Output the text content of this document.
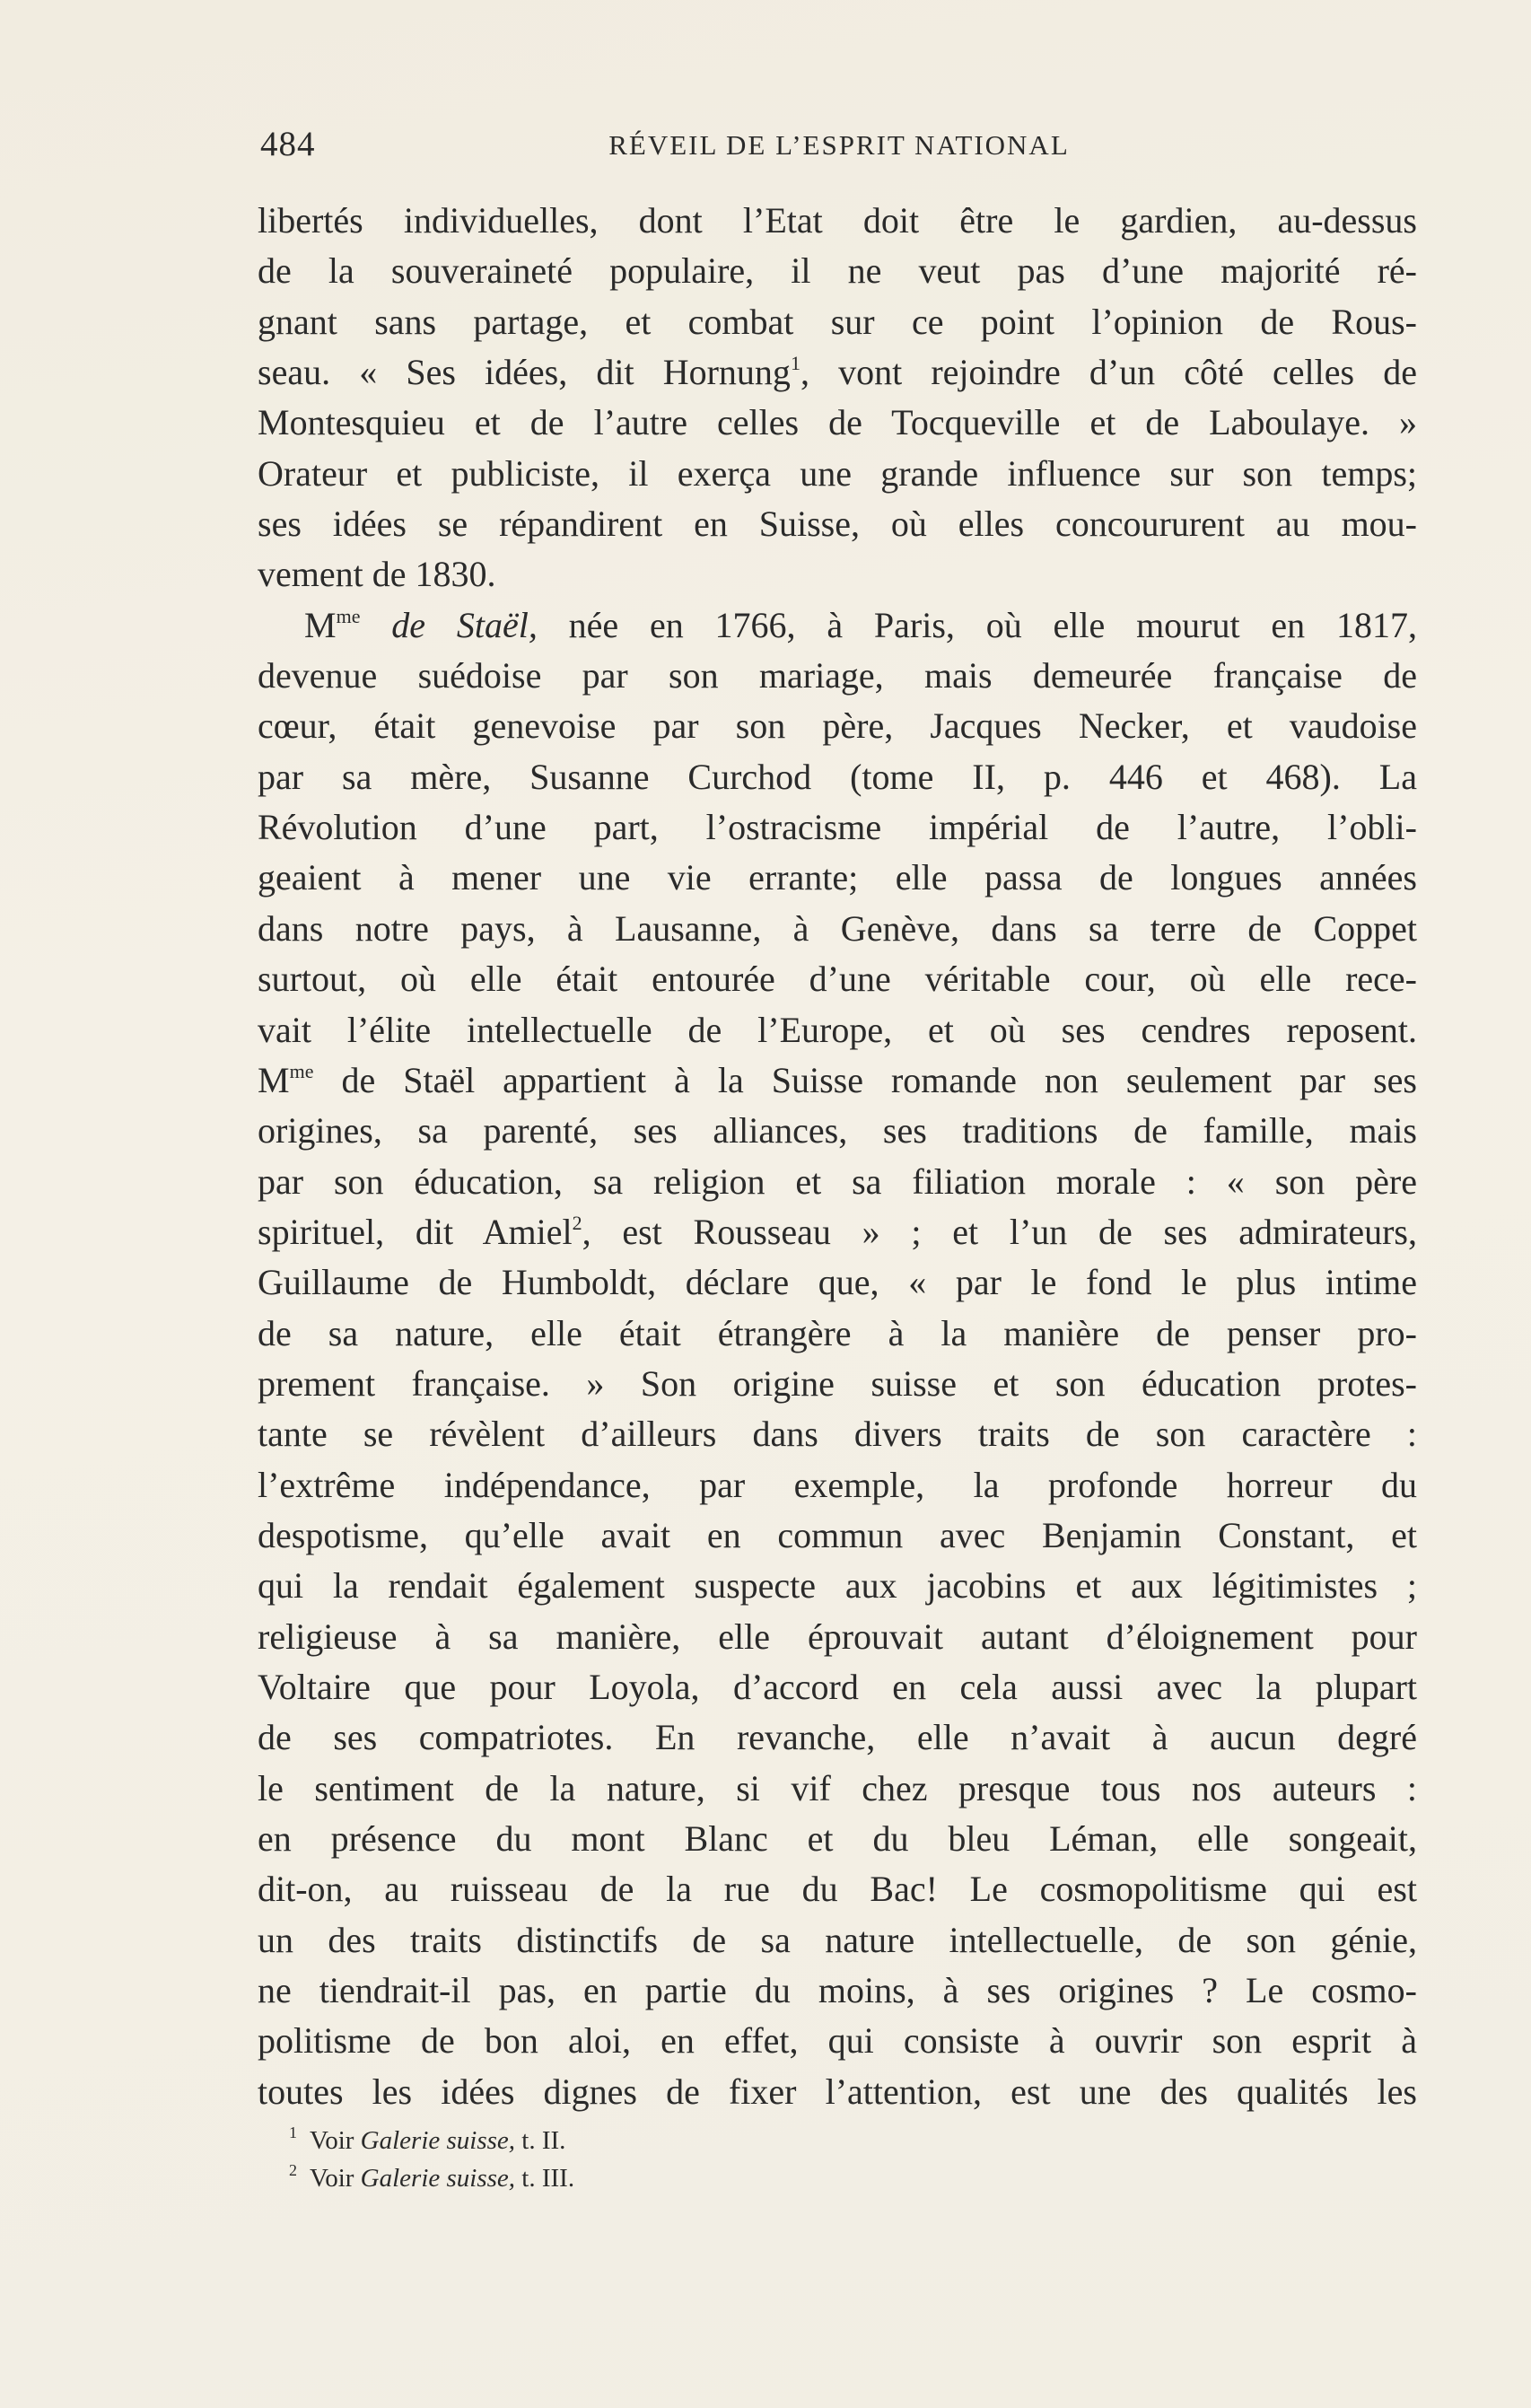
484	RÉVEIL DE L’ESPRIT NATIONAL
libertés individuelles, dont l’Etat doit être le gardien, au-dessus
de la souveraineté populaire, il ne veut pas d’une majorité ré-
gnant sans partage, et combat sur ce point l’opinion de Rous-
seau. « Ses idées, dit Hornung$^1$, vont rejoindre d’un côté celles de
Montesquieu et de l’autre celles de Tocqueville et de Laboulaye. »
Orateur et publiciste, il exerça une grande influence sur son temps;
ses idées se répandirent en Suisse, où elles concoururent au mou-
vement de 1830.
$M^{me}$ de Staël, née en 1766, à Paris, où elle mourut en 1817,
devenue suédoise par son mariage, mais demeurée française de
cœur, était genevoise par son père, Jacques Necker, et vaudoise
par sa mère, Susanne Curchod (tome II, p. 446 et 468). La
Révolution d’une part, l’ostracisme impérial de l’autre, l’obli-
geaient à mener une vie errante; elle passa de longues années
dans notre pays, à Lausanne, à Genève, dans sa terre de Coppet
surtout, où elle était entourée d’une véritable cour, où elle rece-
vait l’élite intellectuelle de l’Europe, et où ses cendres reposent.
$M^{me}$ de Staël appartient à la Suisse romande non seulement par ses
origines, sa parenté, ses alliances, ses traditions de famille, mais
par son éducation, sa religion et sa filiation morale : « son père
spirituel, dit Amiel$^2$, est Rousseau » ; et l’un de ses admirateurs,
Guillaume de Humboldt, déclare que, « par le fond le plus intime
de sa nature, elle était étrangère à la manière de penser pro-
prement française. » Son origine suisse et son éducation protes-
tante se révèlent d’ailleurs dans divers traits de son caractère :
l’extrême indépendance, par exemple, la profonde horreur du
despotisme, qu’elle avait en commun avec Benjamin Constant, et
qui la rendait également suspecte aux jacobins et aux légitimistes ;
religieuse à sa manière, elle éprouvait autant d’éloignement pour
Voltaire que pour Loyola, d’accord en cela aussi avec la plupart
de ses compatriotes. En revanche, elle n’avait à aucun degré
le sentiment de la nature, si vif chez presque tous nos auteurs :
en présence du mont Blanc et du bleu Léman, elle songeait,
dit-on, au ruisseau de la rue du Bac! Le cosmopolitisme qui est
un des traits distinctifs de sa nature intellectuelle, de son génie,
ne tiendrait-il pas, en partie du moins, à ses origines ? Le cosmo-
politisme de bon aloi, en effet, qui consiste à ouvrir son esprit à
toutes les idées dignes de fixer l’attention, est une des qualités les
$^1$ Voir Galerie suisse, t. II.
$^2$ Voir Galerie suisse, t. III.
